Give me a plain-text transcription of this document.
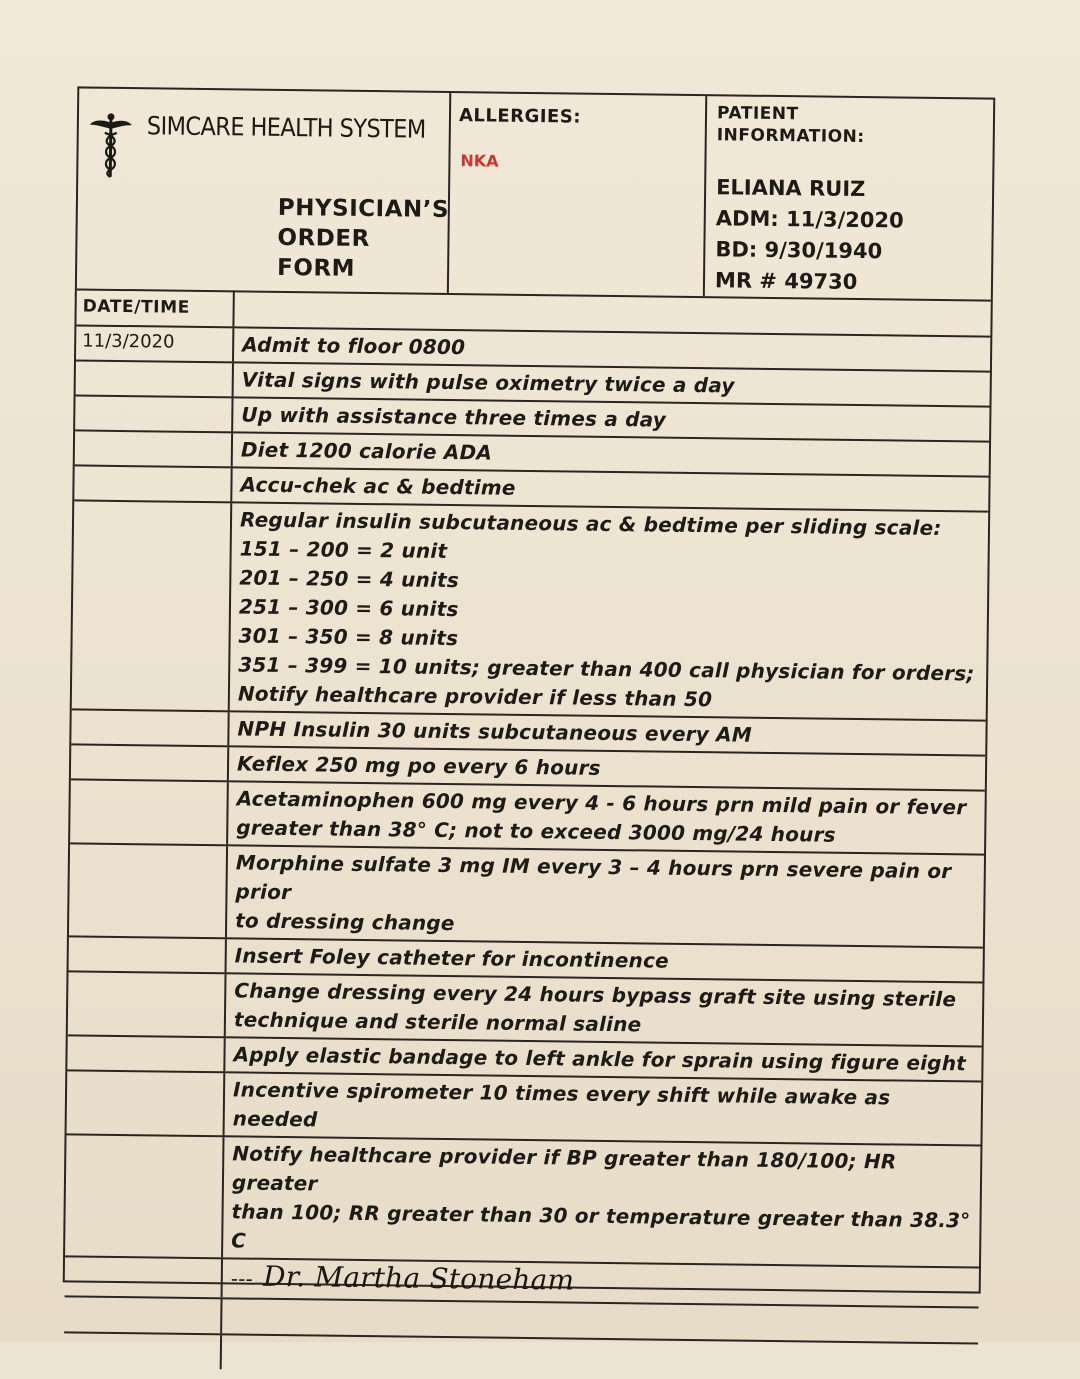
SIMCARE HEALTH SYSTEM
PHYSICIAN’S
ORDER FORM
ALLERGIES:
NKA
PATIENT
INFORMATION:
ELIANA RUIZ
ADM: 11/3/2020
BD: 9/30/1940
MR # 49730
DATE/TIME
11/3/2020	Admit to floor 0800
Vital signs with pulse oximetry twice a day
Up with assistance three times a day
Diet 1200 calorie ADA
Accu-chek ac & bedtime
Regular insulin subcutaneous ac & bedtime per sliding scale:
151 – 200 = 2 unit
201 – 250 = 4 units
251 – 300 = 6 units
301 – 350 = 8 units
351 – 399 = 10 units; greater than 400 call physician for orders;
Notify healthcare provider if less than 50
NPH Insulin 30 units subcutaneous every AM
Keflex 250 mg po every 6 hours
Acetaminophen 600 mg every 4 - 6 hours prn mild pain or fever
greater than 38° C; not to exceed 3000 mg/24 hours
Morphine sulfate 3 mg IM every 3 – 4 hours prn severe pain or prior
to dressing change
Insert Foley catheter for incontinence
Change dressing every 24 hours bypass graft site using sterile
technique and sterile normal saline
Apply elastic bandage to left ankle for sprain using figure eight
Incentive spirometer 10 times every shift while awake as needed
Notify healthcare provider if BP greater than 180/100; HR greater
than 100; RR greater than 30 or temperature greater than 38.3° C
--- Dr. Martha Stoneham
